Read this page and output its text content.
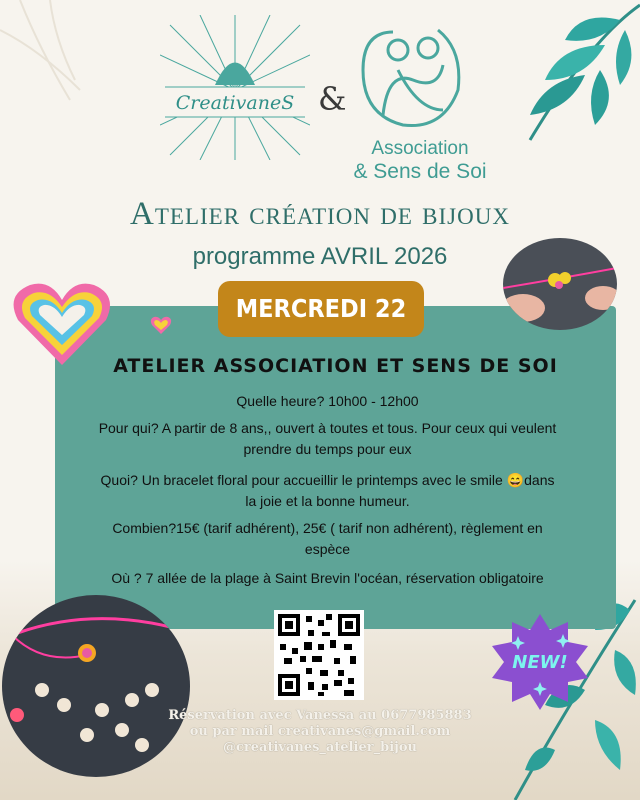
CreativaneS &
Association
& Sens de Soi
Atelier création de bijoux
programme AVRIL 2026
MERCREDI 22
ATELIER ASSOCIATION ET SENS DE SOI
Quelle heure? 10h00 - 12h00
Pour qui? A partir de 8 ans,, ouvert à toutes et tous. Pour ceux qui veulent prendre du temps pour eux
Quoi? Un bracelet floral pour accueillir le printemps avec le smile 😄dans la joie et la bonne humeur.
Combien?15€ (tarif adhérent), 25€ ( tarif non adhérent), règlement en espèce
Où ? 7 allée de la plage à Saint Brevin l'océan, réservation obligatoire
NEW!
Réservation avec Vanessa au 0677985883
ou par mail creativanes@gmail.com
@creativanes_atelier_bijou
